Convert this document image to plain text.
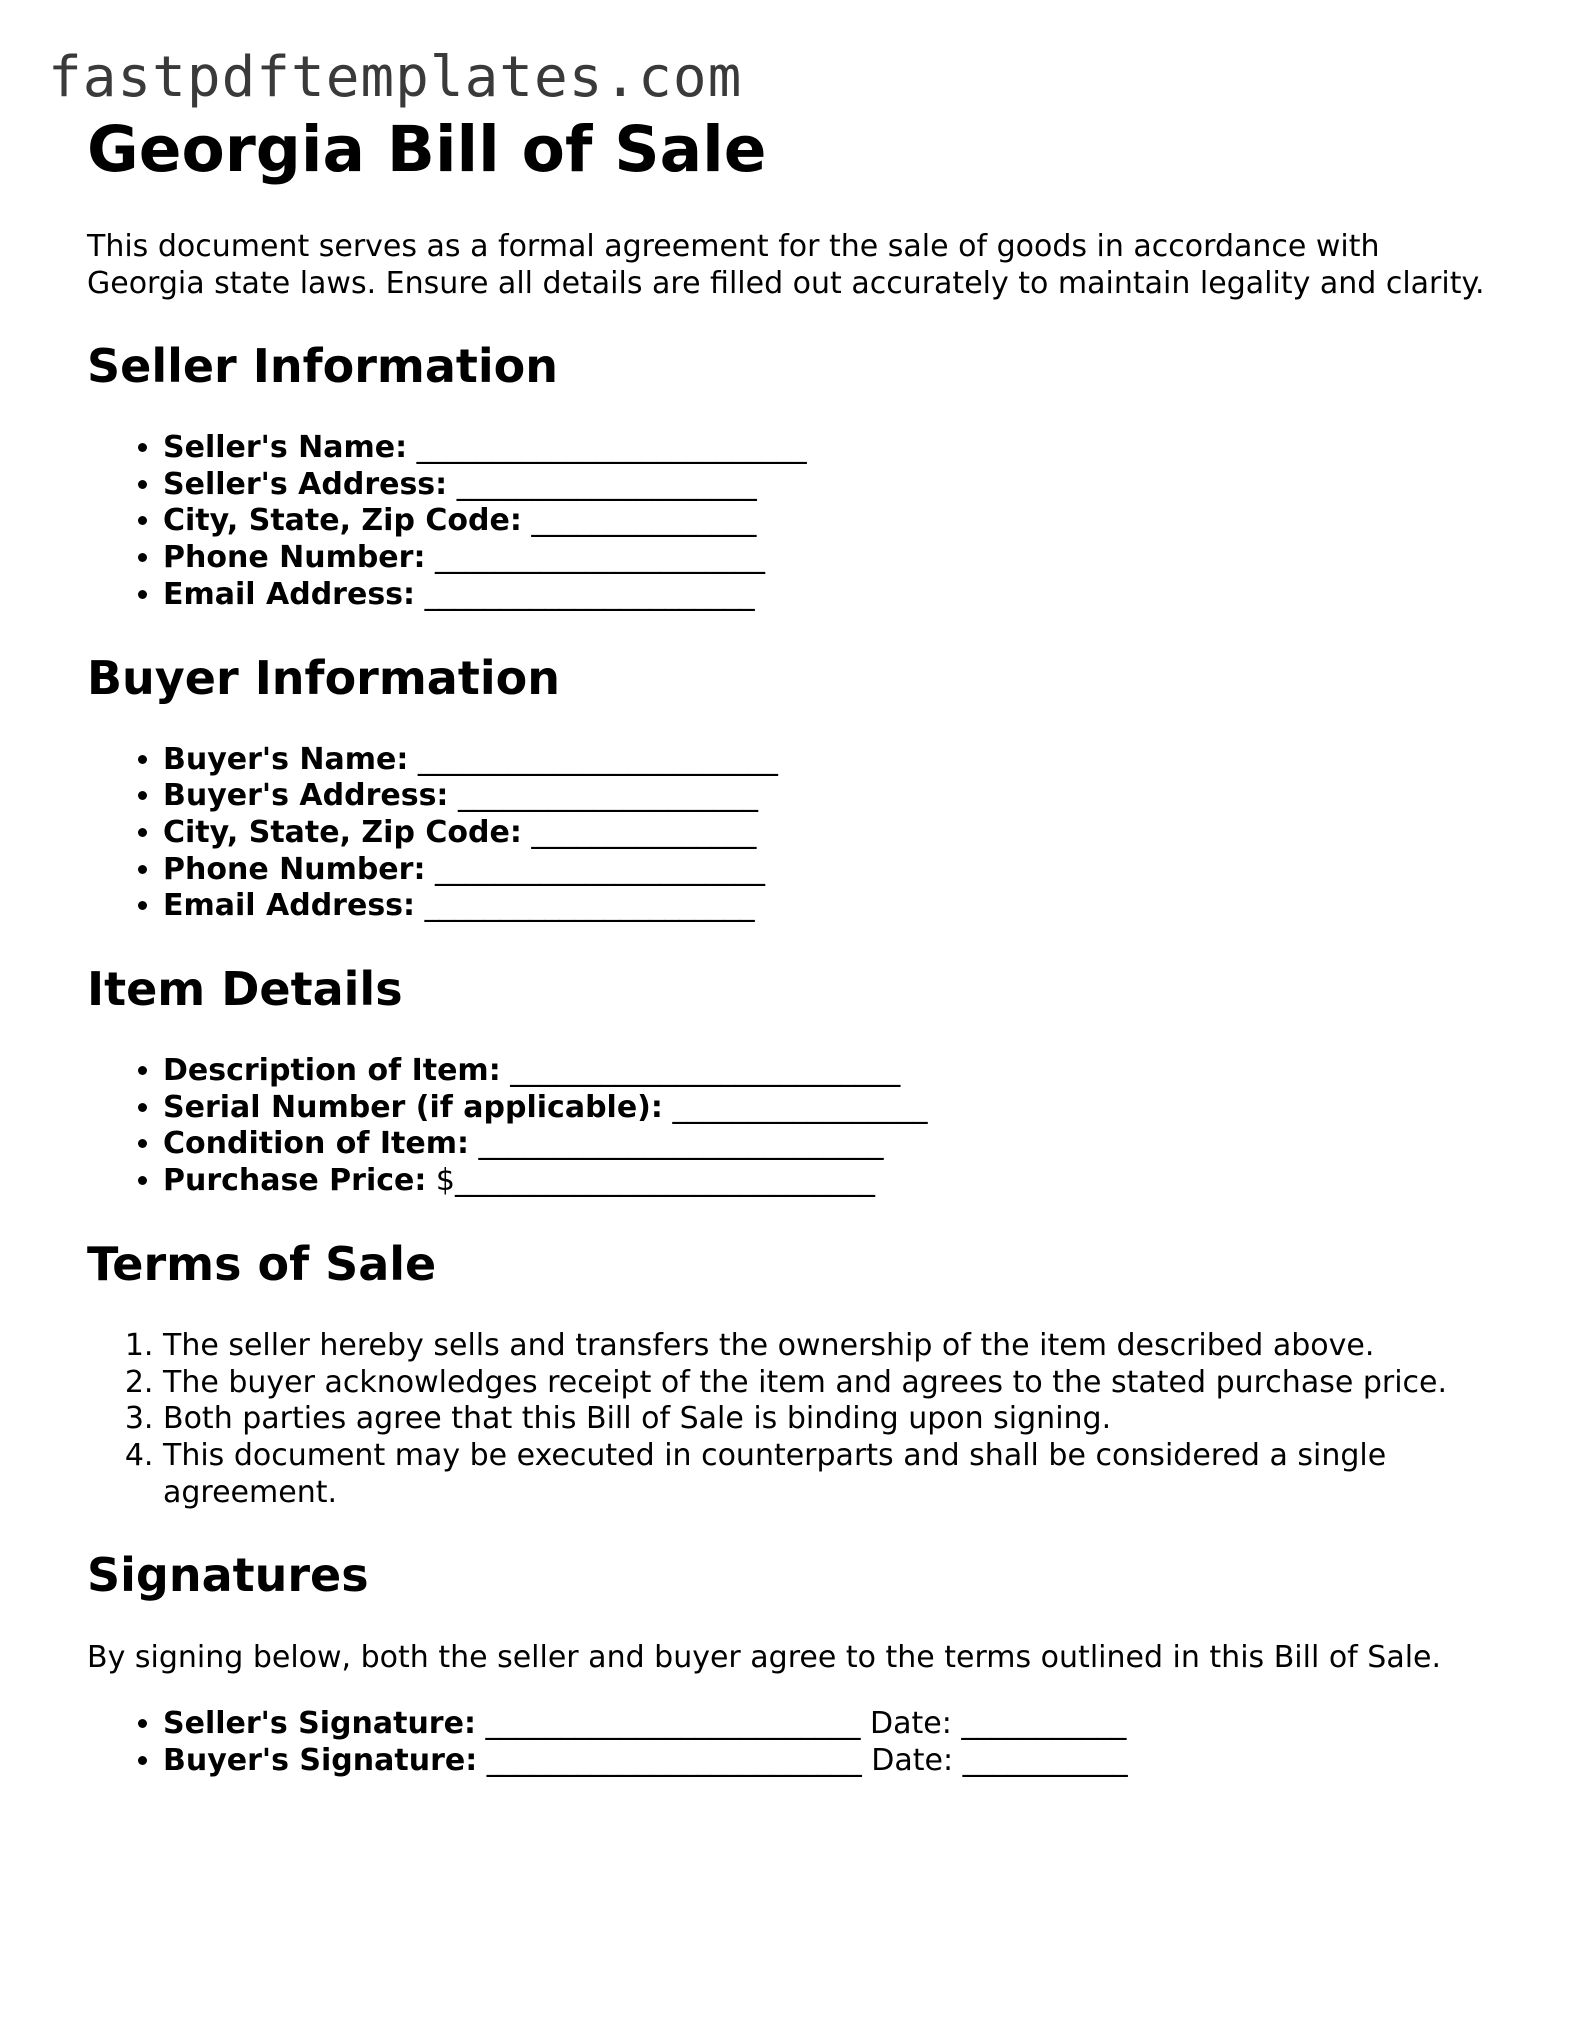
fastpdftemplates.com
Georgia Bill of Sale

This document serves as a formal agreement for the sale of goods in accordance with Georgia state laws. Ensure all details are filled out accurately to maintain legality and clarity.

Seller Information
• Seller's Name: __________________________
• Seller's Address: ____________________
• City, State, Zip Code: _______________
• Phone Number: ______________________
• Email Address: ______________________
Buyer Information
• Buyer's Name: ________________________
• Buyer's Address: ____________________
• City, State, Zip Code: _______________
• Phone Number: ______________________
• Email Address: ______________________
Item Details
• Description of Item: __________________________
• Serial Number (if applicable): _________________
• Condition of Item: ___________________________
• Purchase Price: $____________________________
Terms of Sale
1. The seller hereby sells and transfers the ownership of the item described above.
2. The buyer acknowledges receipt of the item and agrees to the stated purchase price.
3. Both parties agree that this Bill of Sale is binding upon signing.
4. This document may be executed in counterparts and shall be considered a single agreement.
Signatures

By signing below, both the seller and buyer agree to the terms outlined in this Bill of Sale.

• Seller's Signature: _________________________ Date: ___________
• Buyer's Signature: _________________________ Date: ___________
